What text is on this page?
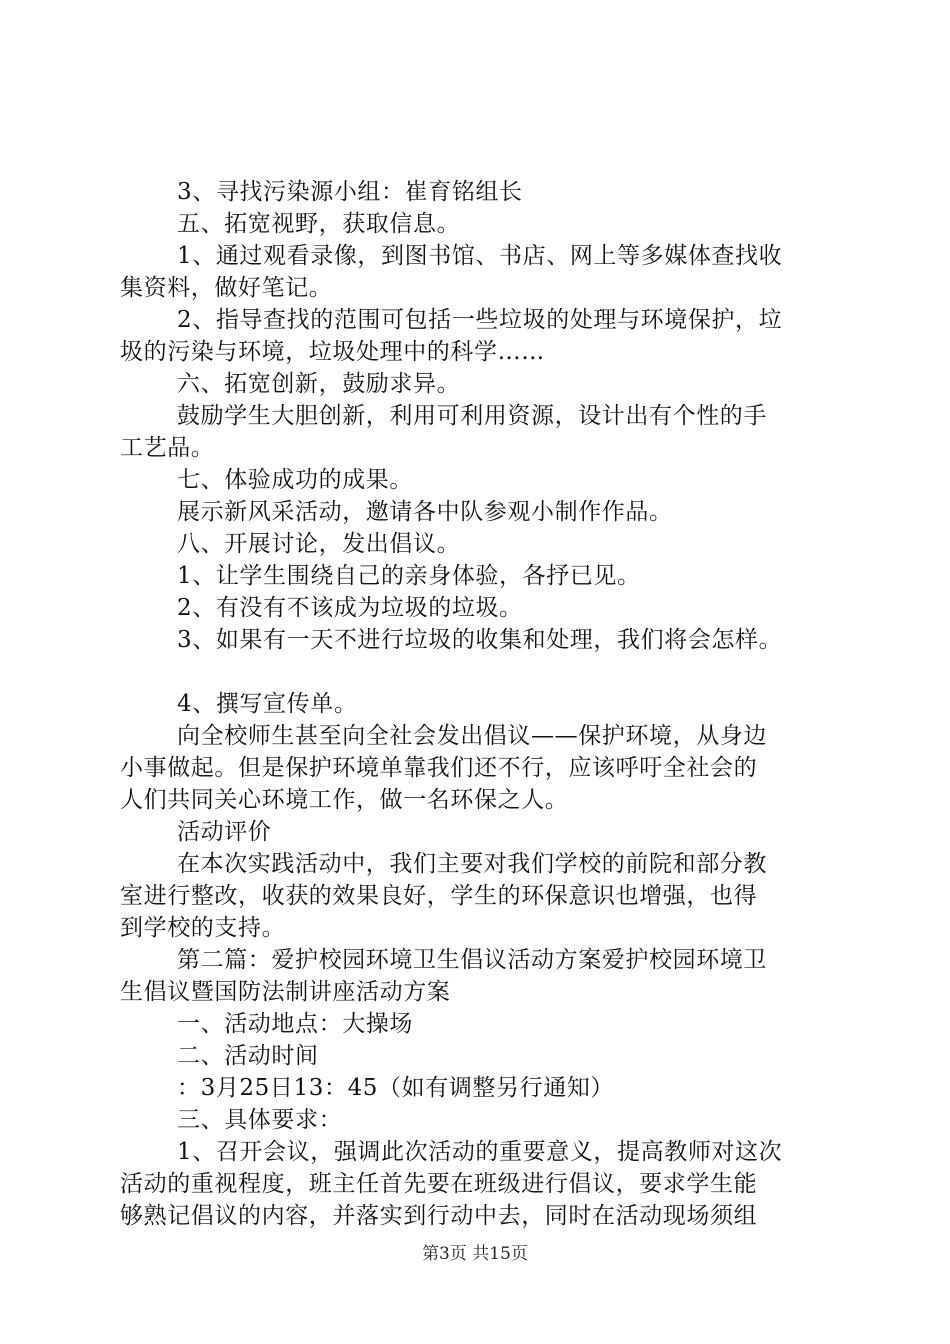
3、寻找污染源小组：崔育铭组长
五、拓宽视野，获取信息。
1、通过观看录像，到图书馆、书店、网上等多媒体查找收
集资料，做好笔记。
2、指导查找的范围可包括一些垃圾的处理与环境保护，垃
圾的污染与环境，垃圾处理中的科学……
六、拓宽创新，鼓励求异。
鼓励学生大胆创新，利用可利用资源，设计出有个性的手
工艺品。
七、体验成功的成果。
展示新风采活动，邀请各中队参观小制作作品。
八、开展讨论，发出倡议。
1、让学生围绕自己的亲身体验，各抒已见。
2、有没有不该成为垃圾的垃圾。
3、如果有一天不进行垃圾的收集和处理，我们将会怎样。
4、撰写宣传单。
向全校师生甚至向全社会发出倡议——保护环境，从身边
小事做起。但是保护环境单靠我们还不行，应该呼吁全社会的
人们共同关心环境工作，做一名环保之人。
活动评价
在本次实践活动中，我们主要对我们学校的前院和部分教
室进行整改，收获的效果良好，学生的环保意识也增强，也得
到学校的支持。
第二篇：爱护校园环境卫生倡议活动方案爱护校园环境卫
生倡议暨国防法制讲座活动方案
一、活动地点：大操场
二、活动时间
：3月25日13：45（如有调整另行通知）
三、具体要求：
1、召开会议，强调此次活动的重要意义，提高教师对这次
活动的重视程度，班主任首先要在班级进行倡议，要求学生能
够熟记倡议的内容，并落实到行动中去，同时在活动现场须组
第3页 共15页
